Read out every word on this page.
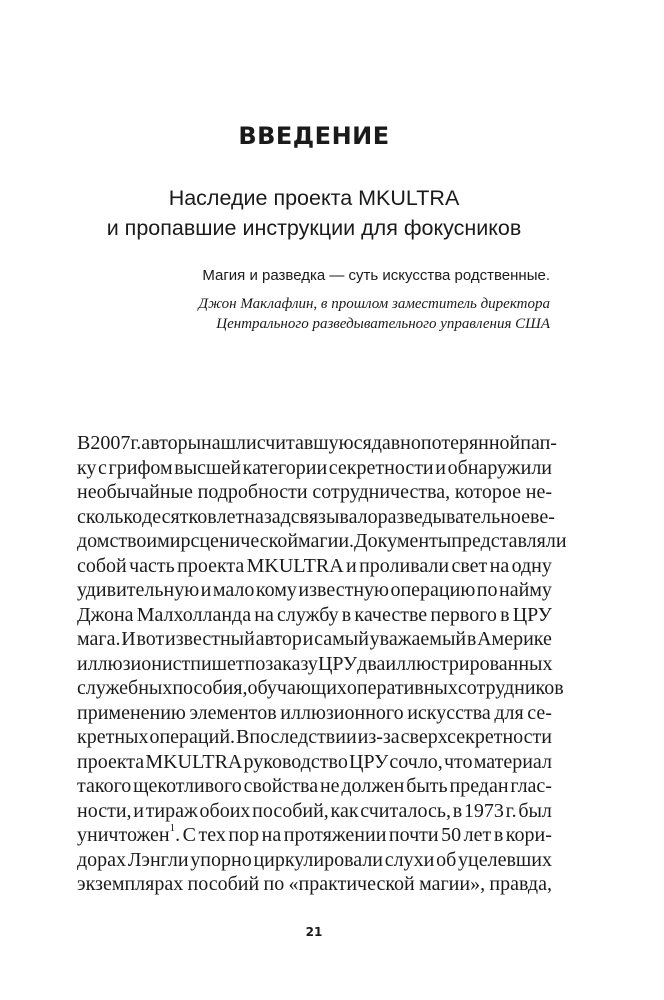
ВВЕДЕНИЕ
Наследие проекта MKULTRA
и пропавшие инструкции для фокусников
Магия и разведка — суть искусства родственные.
Джон Маклафлин, в прошлом заместитель директора
Центрального разведывательного управления США
В 2007 г. авторы нашли считавшуюся давно потерянной пап-
ку с грифом высшей категории секретности и обнаружили
необычайные подробности сотрудничества, которое не-
сколько десятков лет назад связывало разведывательное ве-
домство и мир сценической магии. Документы представляли
собой часть проекта MKULTRA и проливали свет на одну
удивительную и мало кому известную операцию по найму
Джона Малхолланда на службу в качестве первого в ЦРУ
мага. И вот известный автор и самый уважаемый в Америке
иллюзионист пишет по заказу ЦРУ два иллюстрированных
служебных пособия, обучающих оперативных сотрудников
применению элементов иллюзионного искусства для се-
кретных операций. Впоследствии из-за сверхсекретности
проекта MKULTRA руководство ЦРУ сочло, что материал
такого щекотливого свойства не должен быть предан глас-
ности, и тираж обоих пособий, как считалось, в 1973 г. был
уничтожен$^1$. С тех пор на протяжении почти 50 лет в кори-
дорах Лэнгли упорно циркулировали слухи об уцелевших
экземплярах пособий по «практической магии», правда,
21
